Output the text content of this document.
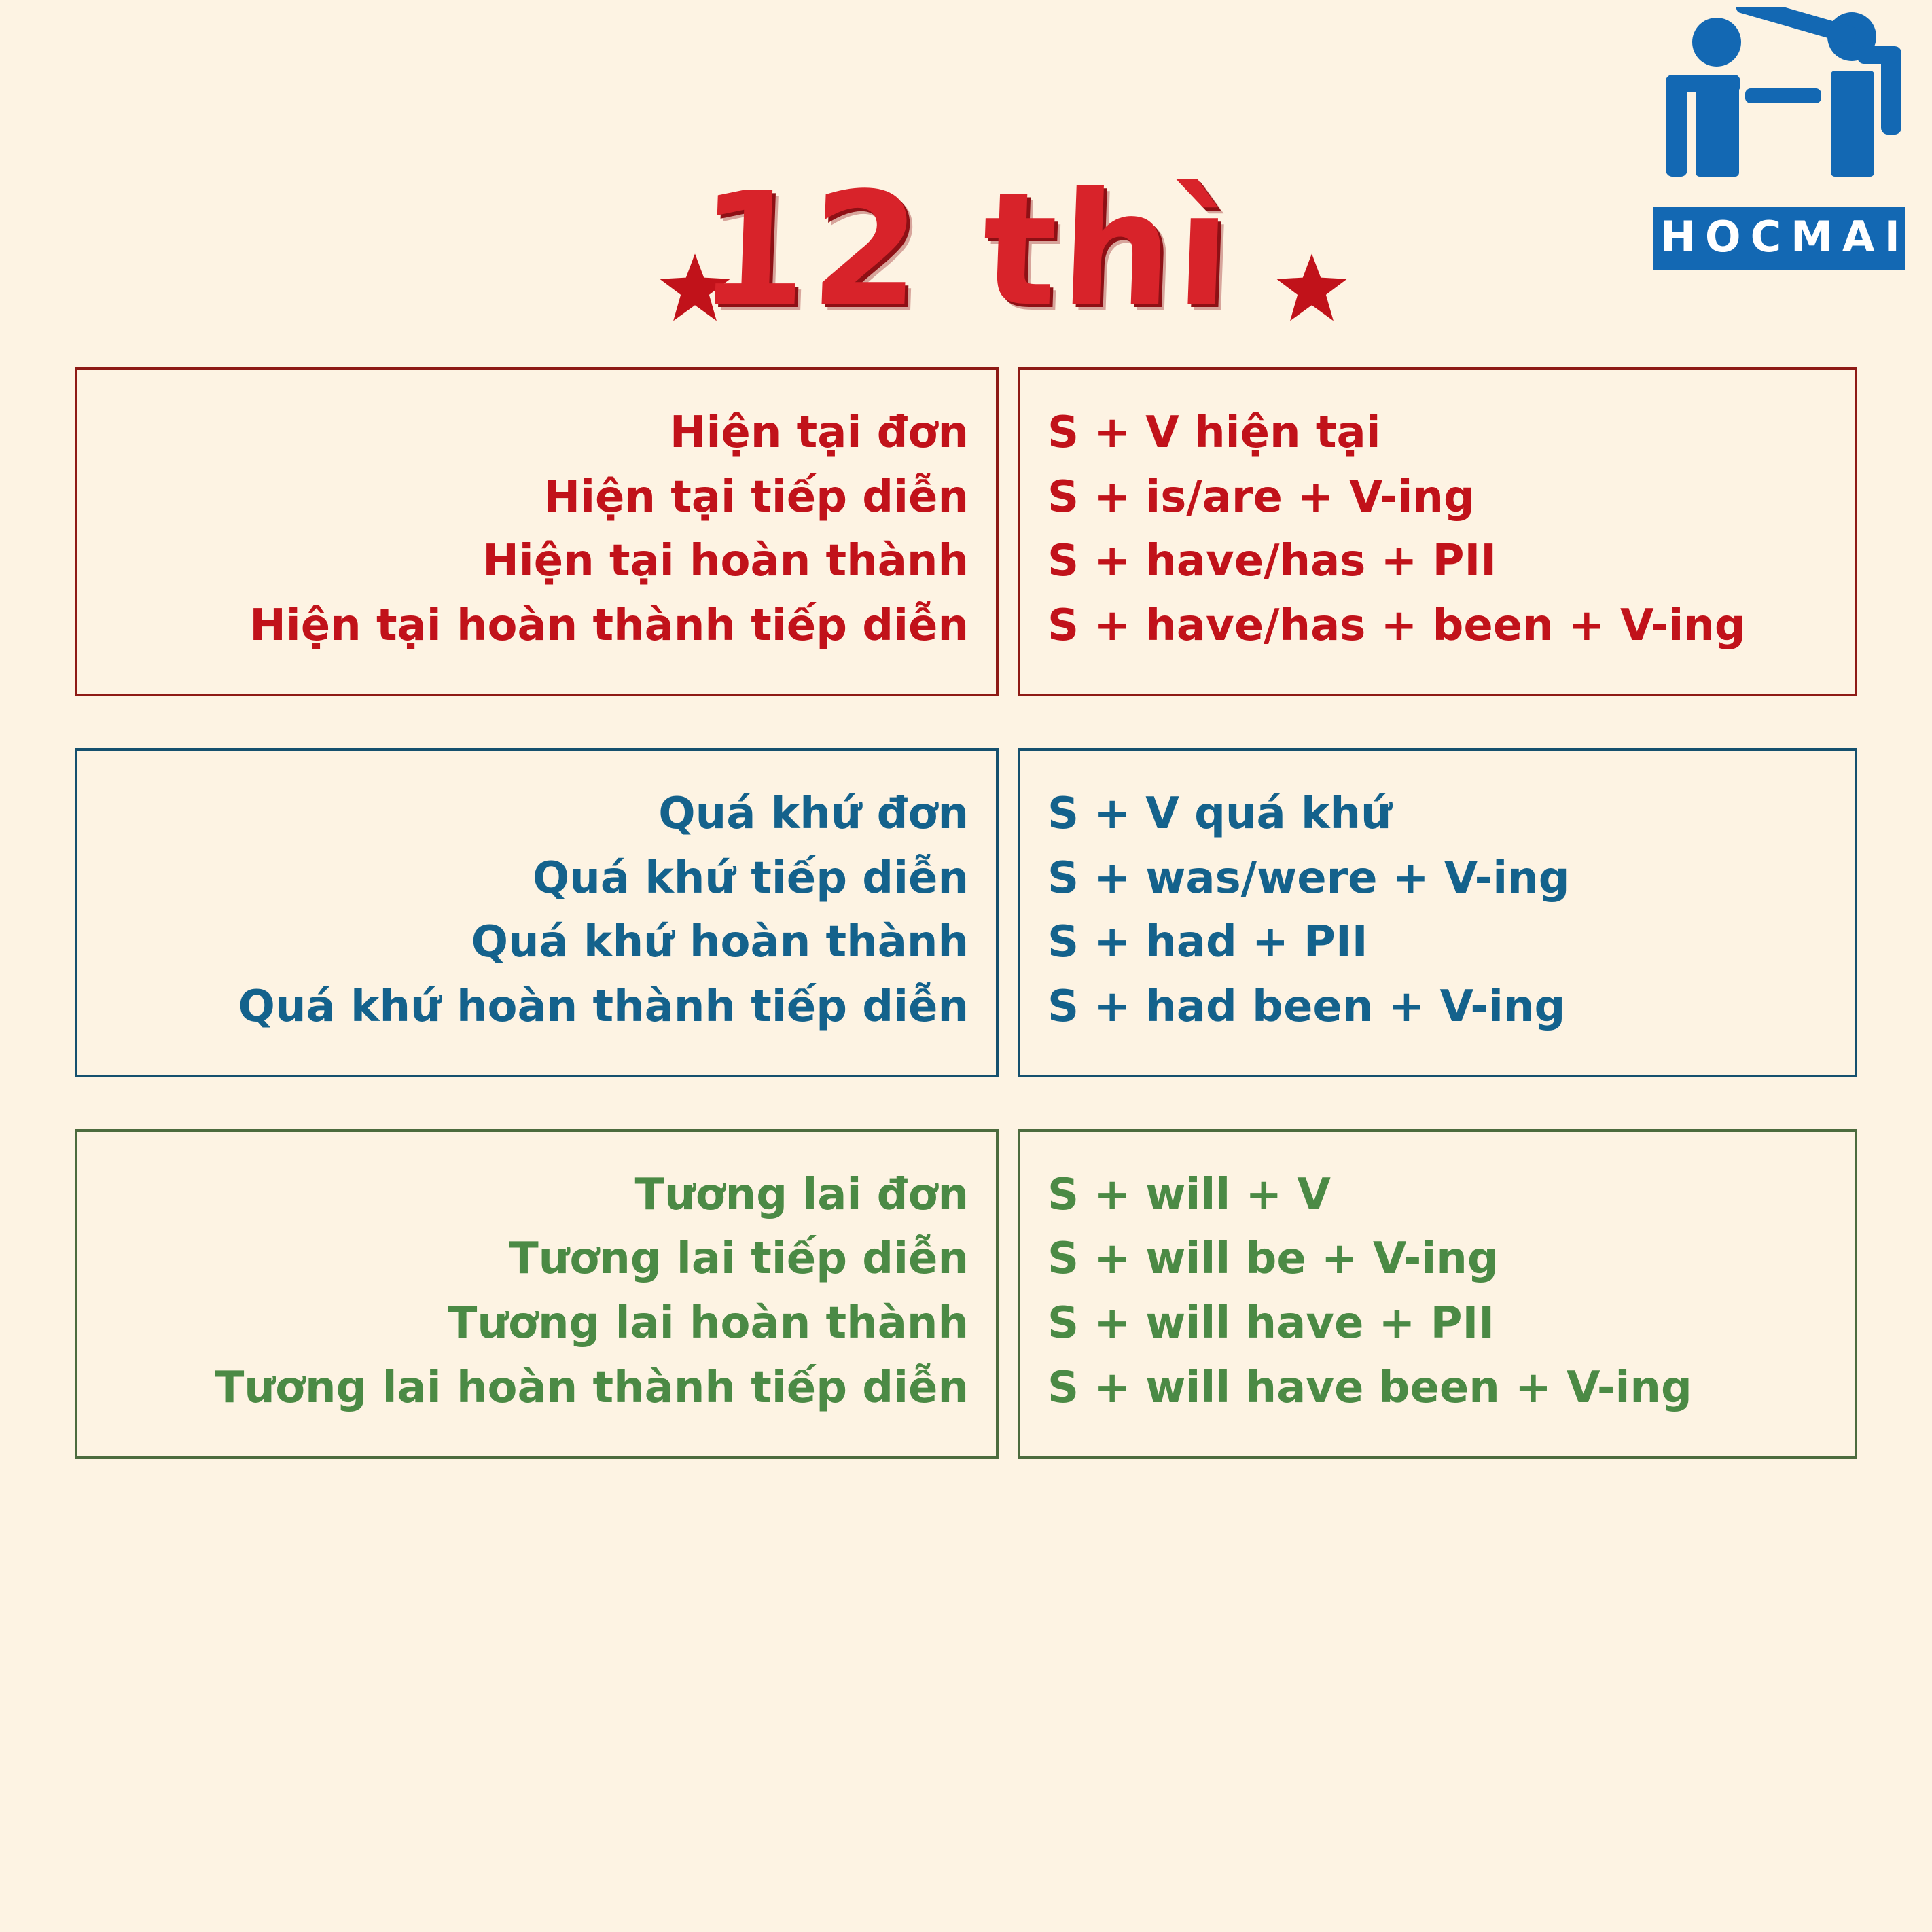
12 thì	HOCMAI
Hiện tại đơn
Hiện tại tiếp diễn
Hiện tại hoàn thành
Hiện tại hoàn thành tiếp diễn
S + V hiện tại
S + is/are + V-ing
S + have/has + PII
S + have/has + been + V-ing
Quá khứ đơn
Quá khứ tiếp diễn
Quá khứ hoàn thành
Quá khứ hoàn thành tiếp diễn
S + V quá khứ
S + was/were + V-ing
S + had + PII
S + had been + V-ing
Tương lai đơn
Tương lai tiếp diễn
Tương lai hoàn thành
Tương lai hoàn thành tiếp diễn
S + will + V
S + will be + V-ing
S + will have + PII
S + will have been + V-ing
